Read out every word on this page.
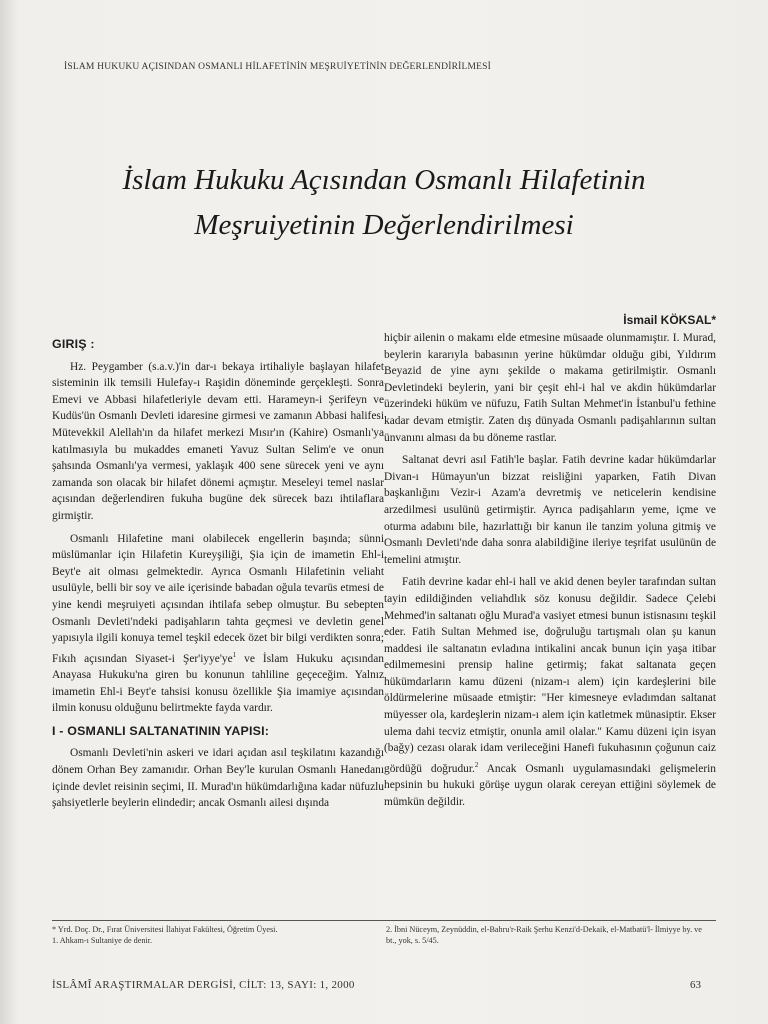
İSLAM HUKUKU AÇISINDAN OSMANLI HİLAFETİNİN MEŞRUİYETİNİN DEĞERLENDİRİLMESİ
İslam Hukuku Açısından Osmanlı Hilafetinin
Meşruiyetinin Değerlendirilmesi
İsmail KÖKSAL*
GIRIŞ :

Hz. Peygamber (s.a.v.)'in dar-ı bekaya irtihaliyle başlayan hilafet sisteminin ilk temsili Hulefay-ı Raşidin döneminde gerçekleşti. Sonra Emevi ve Abbasi hilafetleriyle devam etti. Harameyn-i Şerifeyn ve Kudüs'ün Osmanlı Devleti idaresine girmesi ve zamanın Abbasi halifesi Mütevekkil Alellah'ın da hilafet merkezi Mısır'ın (Kahire) Osmanlı'ya katılmasıyla bu mukaddes emaneti Yavuz Sultan Selim'e ve onun şahsında Osmanlı'ya vermesi, yaklaşık 400 sene sürecek yeni ve aynı zamanda son olacak bir hilafet dönemi açmıştır. Meseleyi temel naslar açısından değerlendiren fukuha bugüne dek sürecek bazı ihtilaflara girmiştir.

Osmanlı Hilafetine mani olabilecek engellerin başında; sünni müslümanlar için Hilafetin Kureyşiliği, Şia için de imametin Ehl-i Beyt'e ait olması gelmektedir. Ayrıca Osmanlı Hilafetinin veliaht usulüyle, belli bir soy ve aile içerisinde babadan oğula tevarüs etmesi de yine kendi meşruiyeti açısından ihtilafa sebep olmuştur. Bu sebepten Osmanlı Devleti'ndeki padişahların tahta geçmesi ve devletin genel yapısıyla ilgili konuya temel teşkil edecek özet bir bilgi verdikten sonra; Fıkıh açısından Siyaset-i $Şer'iyye'ye^1$ ve İslam Hukuku açısından Anayasa Hukuku'na giren bu konunun tahliline geçeceğim. Yalnız imametin Ehl-i Beyt'e tahsisi konusu özellikle Şia imamiye açısından ilmin konusu olduğunu belirtmekte fayda vardır.

I - OSMANLI SALTANATININ YAPISI:

Osmanlı Devleti'nin askeri ve idari açıdan asıl teşkilatını kazandığı dönem Orhan Bey zamanıdır. Orhan Bey'le kurulan Osmanlı Hanedanı içinde devlet reisinin seçimi, II. Murad'ın hükümdarlığına kadar nüfuzlu şahsiyetlerle beylerin elindedir; ancak Osmanlı ailesi dışında

hiçbir ailenin o makamı elde etmesine müsaade olunmamıştır. I. Murad, beylerin kararıyla babasının yerine hükümdar olduğu gibi, Yıldırım Beyazid de yine aynı şekilde o makama getirilmiştir. Osmanlı Devletindeki beylerin, yani bir çeşit ehl-i hal ve akdin hükümdarlar üzerindeki hüküm ve nüfuzu, Fatih Sultan Mehmet'in İstanbul'u fethine kadar devam etmiştir. Zaten dış dünyada Osmanlı padişahlarının sultan ünvanını alması da bu döneme rastlar.

Saltanat devri asıl Fatih'le başlar. Fatih devrine kadar hükümdarlar Divan-ı Hümayun'un bizzat reisliğini yaparken, Fatih Divan başkanlığını Vezir-i Azam'a devretmiş ve neticelerin kendisine arzedilmesi usulünü getirmiştir. Ayrıca padişahların yeme, içme ve oturma adabını bile, hazırlattığı bir kanun ile tanzim yoluna gitmiş ve Osmanlı Devleti'nde daha sonra alabildiğine ileriye teşrifat usulünün de temelini atmıştır.

Fatih devrine kadar ehl-i hall ve akid denen beyler tarafından sultan tayin edildiğinden veliahdlık söz konusu değildir. Sadece Çelebi Mehmed'in saltanatı oğlu Murad'a vasiyet etmesi bunun istisnasını teşkil eder. Fatih Sultan Mehmed ise, doğruluğu tartışmalı olan şu kanun maddesi ile saltanatın evladına intikalini ancak bunun için yaşa itibar edilmemesini prensip haline getirmiş; fakat saltanata geçen hükümdarların kamu düzeni (nizam-ı alem) için kardeşlerini bile öldürmelerine müsaade etmiştir: "Her kimesneye evladımdan saltanat müyesser ola, kardeşlerin nizam-ı alem için katletmek münasiptir. Ekser ulema dahi tecviz etmiştir, onunla amil olalar." Kamu düzeni için isyan (bağy) cezası olarak idam verileceğini Hanefi fukuhasının çoğunun caiz gördüğü doğrudur.$^2$ Ancak Osmanlı uygulamasındaki gelişmelerin hepsinin bu hukuki görüşe uygun olarak cereyan ettiğini söylemek de mümkün değildir.

* Yrd. Doç. Dr., Fırat Üniversitesi İlahiyat Fakültesi, Öğretim Üyesi.
1. Ahkam-ı Sultaniye de denir.
2. İbni Nüceym, Zeynüddin, el-Bahru'r-Raik Şerhu Kenzi'd-Dekaik, el-Matbatü'l- İlmiyye by. ve bt., yok, s. 5/45.
İSLÂMÎ ARAŞTIRMALAR DERGİSİ, CİLT: 13, SAYI: 1, 2000	63
